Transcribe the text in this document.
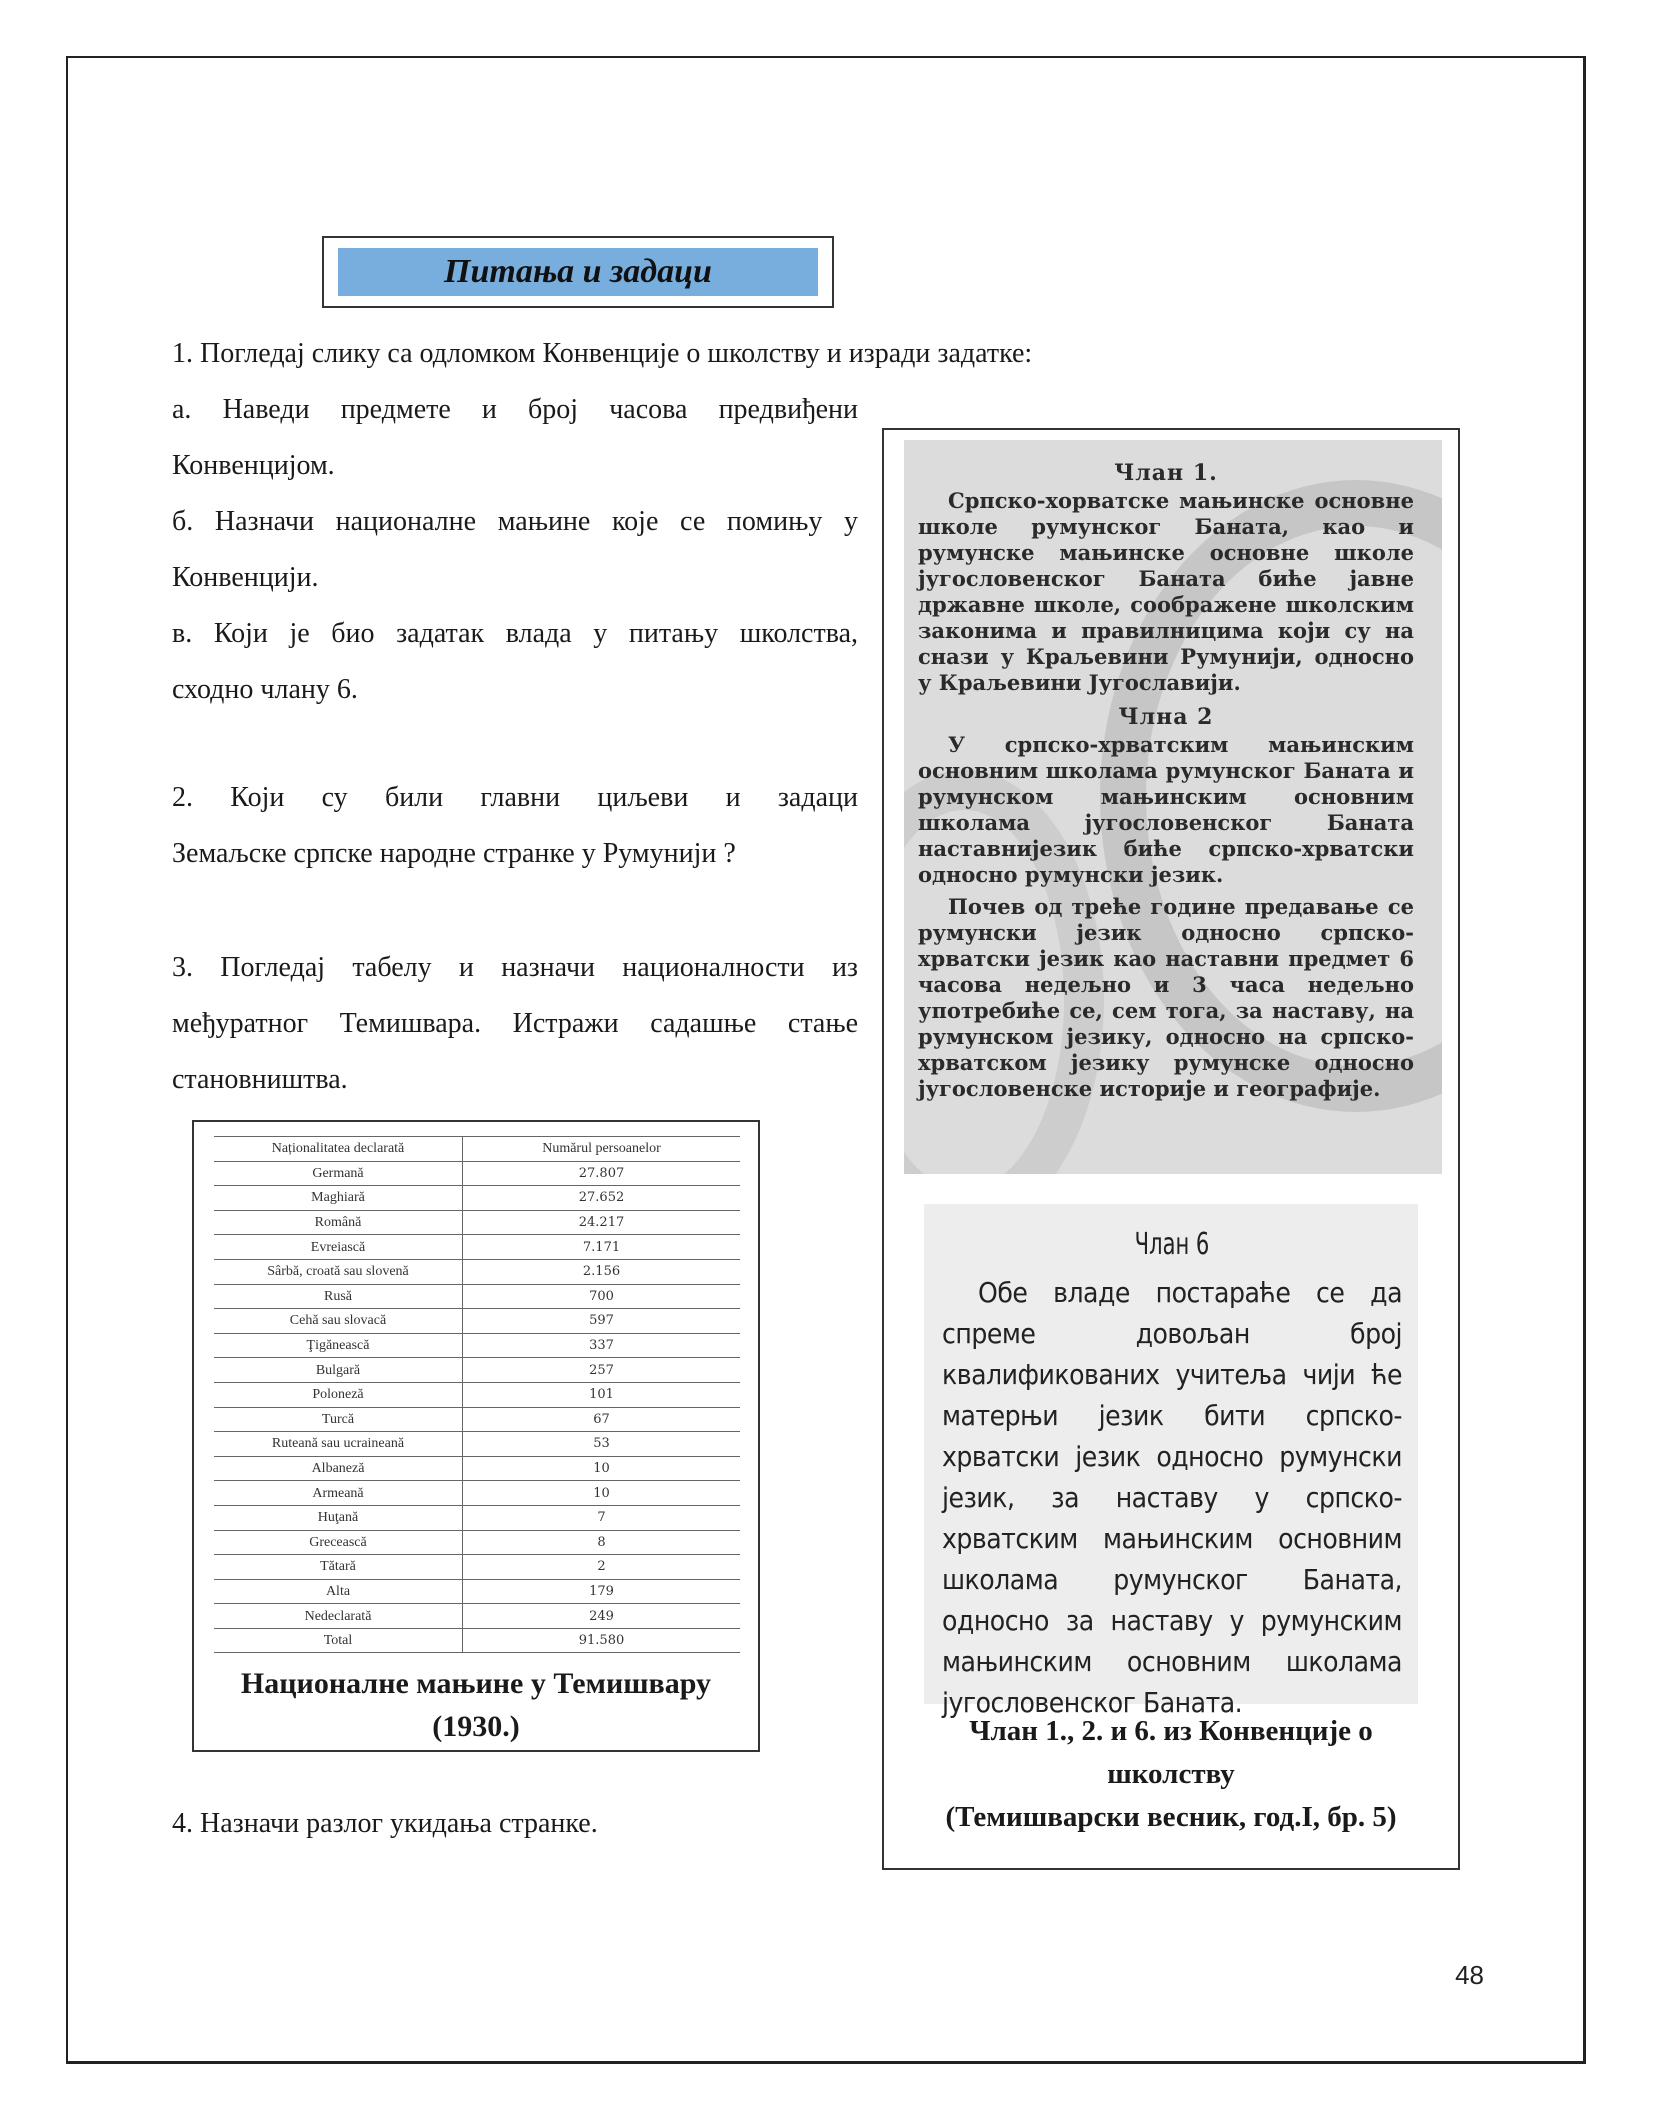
Питања и задаци
1. Погледај слику са одломком Конвенције о школству и изради задатке:
а. Наведи предмете и број часова предвиђени
Конвенцијом.
б. Назначи националне мањине које се помињу у
Конвенцији.
в. Који је био задатак влада у питању школства,
сходно члану 6.
2. Који су били главни циљеви и задаци
Земаљске српске народне странке у Румунији ?
3. Погледај табелу и назначи националности из
међуратног Темишвара. Истражи садашње стање
становништва.
Naționalitatea declarată	Numărul persoanelor
Germană	27.807
Maghiară	27.652
Română	24.217
Evreiască	7.171
Sârbă, croată sau slovenă	2.156
Rusă	700
Cehă sau slovacă	597
Ţigănească	337
Bulgară	257
Poloneză	101
Turcă	67
Ruteană sau ucraineană	53
Albaneză	10
Armeană	10
Huţană	7
Grecească	8
Tătară	2
Alta	179
Nedeclarată	249
Total	91.580
Националне мањине у Темишвару
(1930.)
Члан 1.

Српско-хорватске мањинске основне школе румунског Баната, као и румунске мањинске основне школе југословенског Баната биће јавне државне школе, соображене школским законима и правилницима који су на снази у Краљевини Румунији, односно у Краљевини Југославији.

Члна 2

У српско-хрватским мањинским основним школама румунског Баната и румунском мањинским основним школама југословенског Баната наставнијезик биће српско-хрватски односно румунски језик.

Почев од треће године предавање се румунски језик односно српско-хрватски језик као наставни предмет 6 часова недељно и 3 часа недељно употребиће се, сем тога, за наставу, на румунском језику, односно на српско-хрватском језику румунске односно југословенске историје и географије.

Члан 6

Обе владе постараће се да спреме довољан број квалификованих учитеља чији ће матерњи језик бити српско-хрватски језик односно румунски језик, за наставу у српско-хрватским мањинским основним школама румунског Баната, односно за наставу у румунским мањинским основним школама југословенског Баната.

Члан 1., 2. и 6. из Конвенције о
школству
(Темишварски весник, год.I, бр. 5)
4. Назначи разлог укидања странке.
48
